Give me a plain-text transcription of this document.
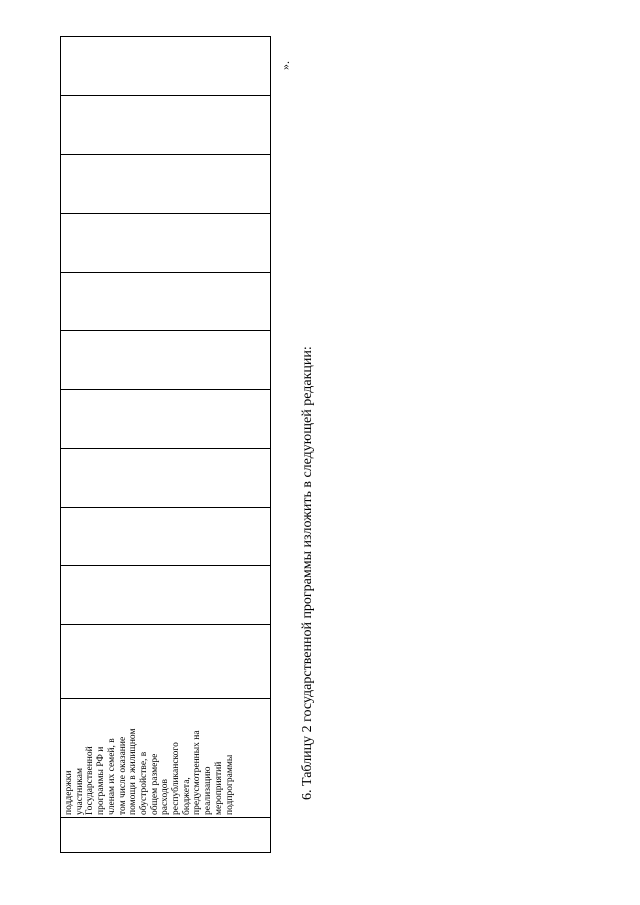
поддержки участникам Государственной программы РФ и членам их семей, в том числе оказание помощи в жилищном обустройстве, в общем размере расходов республиканского бюджета, предусмотренных на реализацию мероприятий подпрограммы
».
6. Таблицу 2 государственной программы изложить в следующей редакции:
